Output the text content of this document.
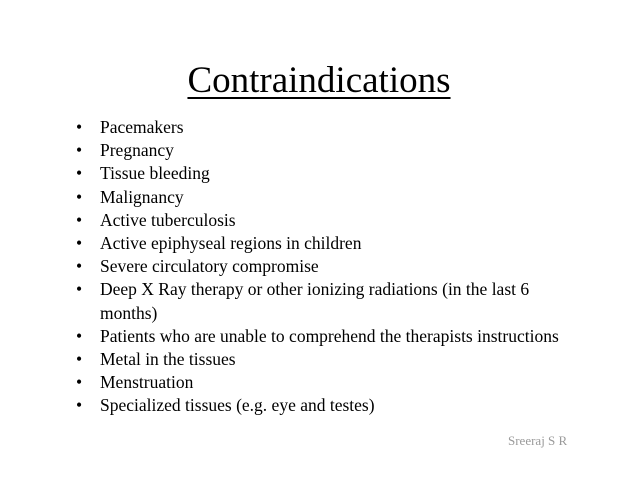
Contraindications
•	Pacemakers
•	Pregnancy
•	Tissue bleeding
•	Malignancy
•	Active tuberculosis
•	Active epiphyseal regions in children
•	Severe circulatory compromise
•	Deep X Ray therapy or other ionizing radiations (in the last 6 months)
•	Patients who are unable to comprehend the therapists instructions
•	Metal in the tissues
•	Menstruation
•	Specialized tissues (e.g. eye and testes)
Sreeraj S R
